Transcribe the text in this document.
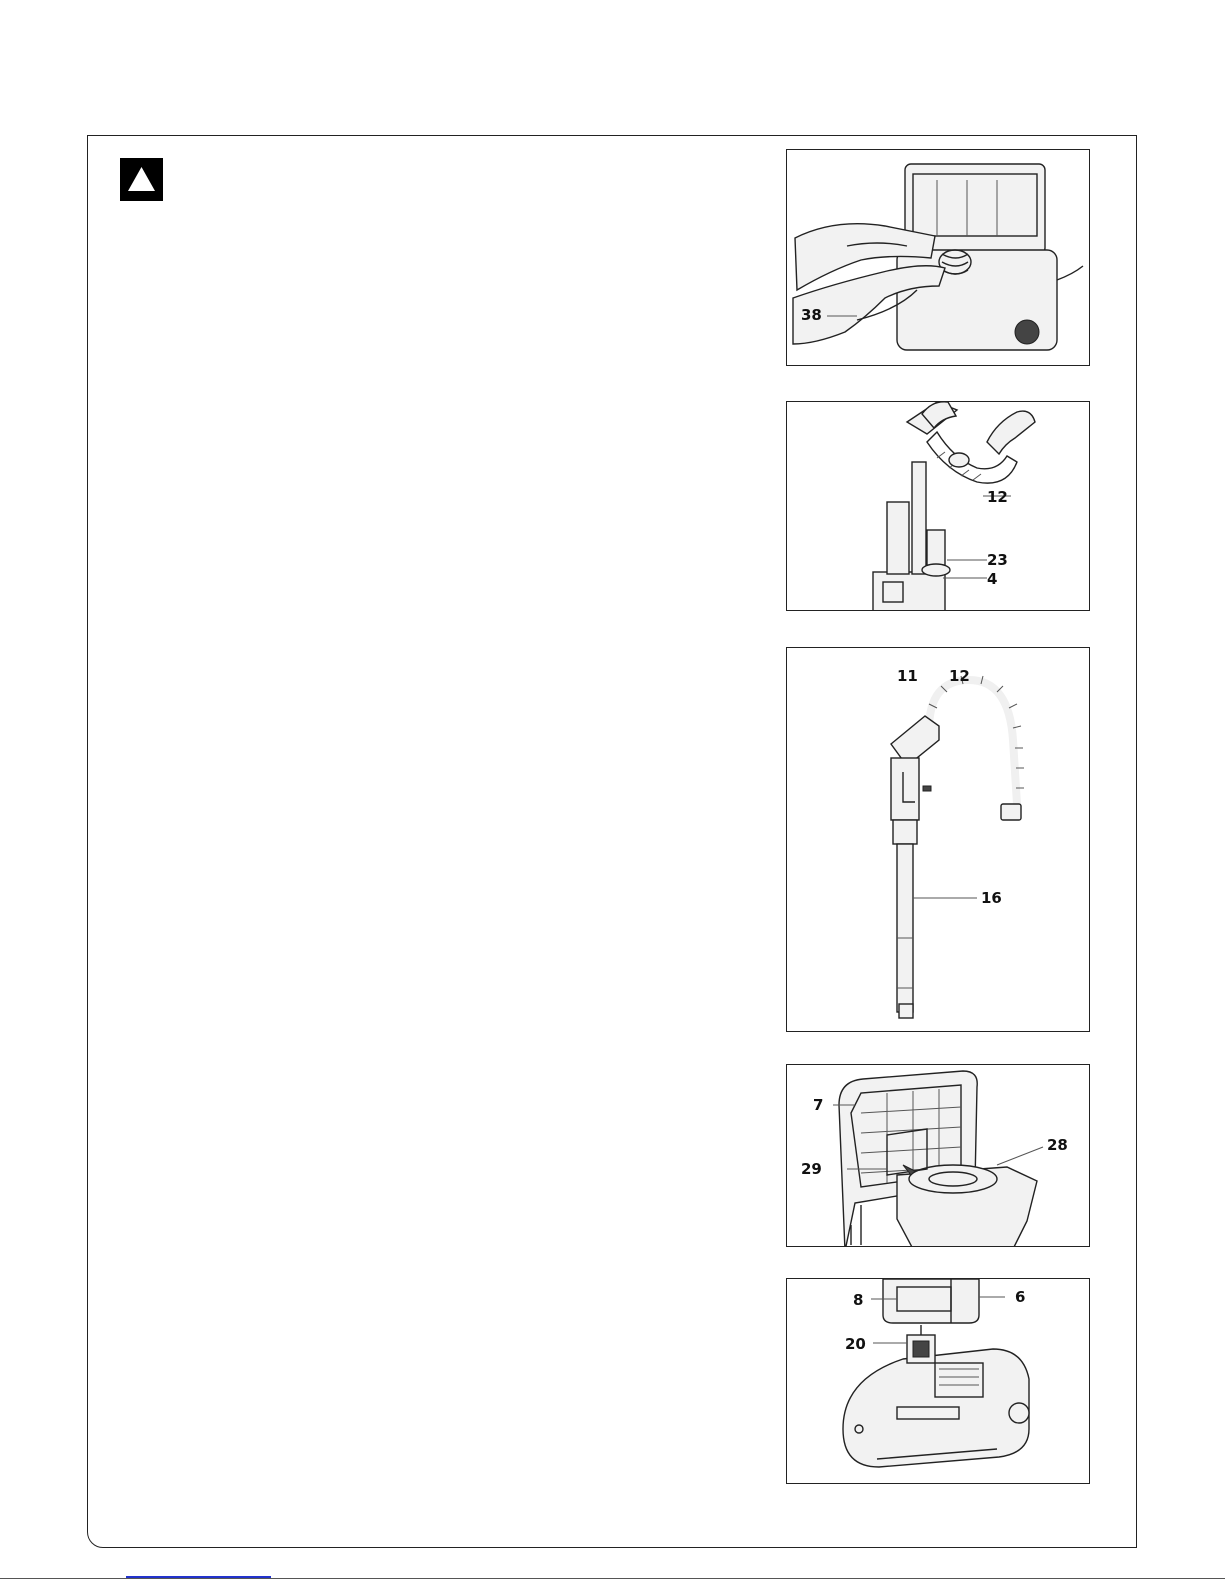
38
12
23
4
11 12
16
7
29
28
8	6
20
